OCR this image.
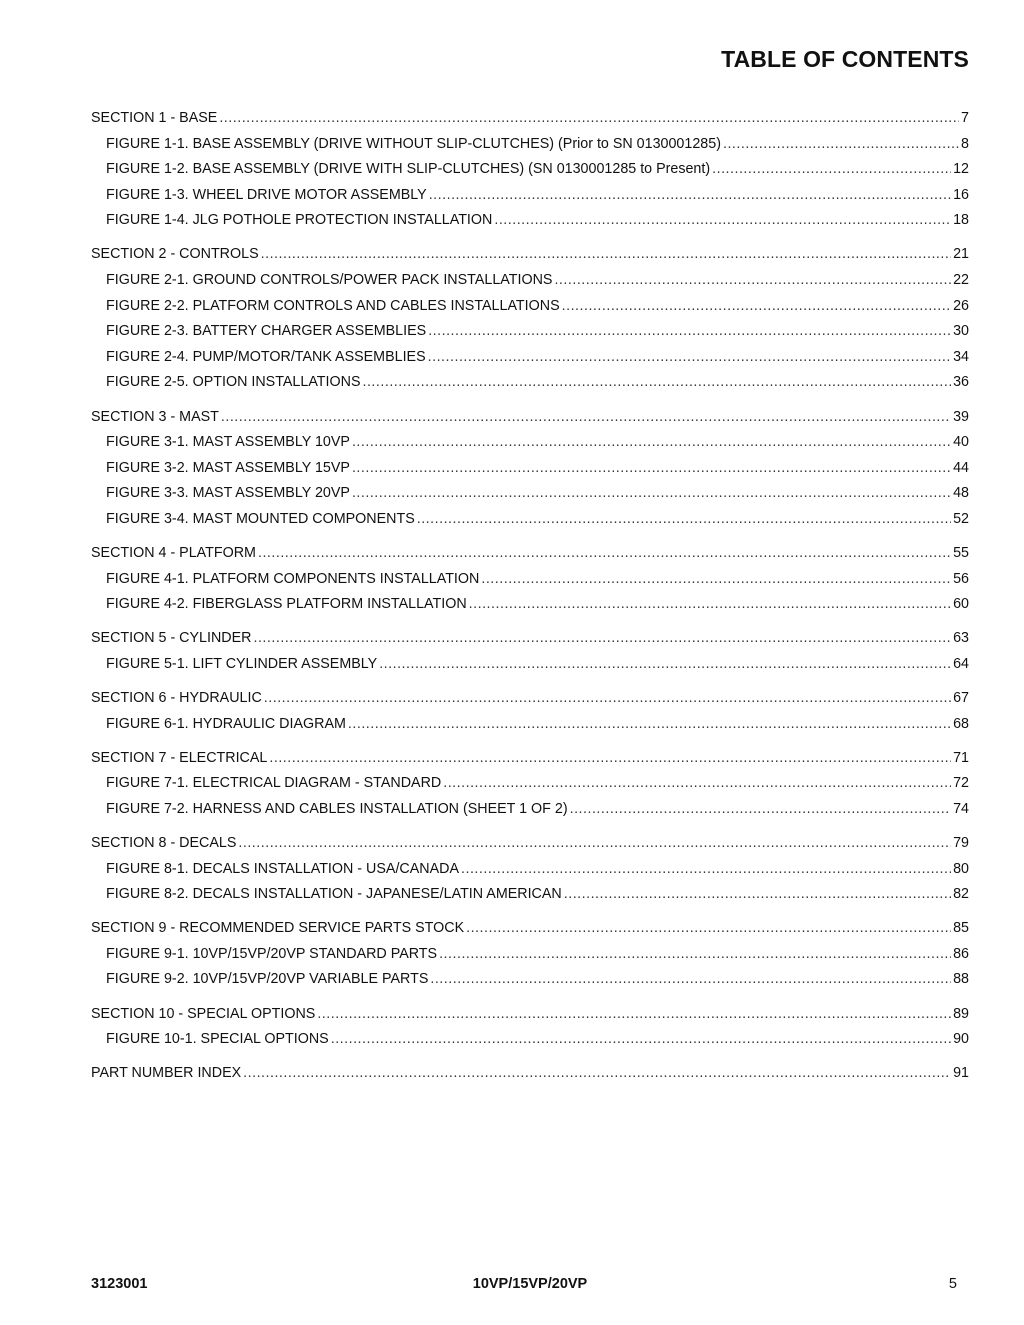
TABLE OF CONTENTS
SECTION 1 - BASE .....	7
FIGURE 1-1. BASE ASSEMBLY (DRIVE WITHOUT SLIP-CLUTCHES) (Prior to SN 0130001285) .....	8
FIGURE 1-2. BASE ASSEMBLY (DRIVE WITH SLIP-CLUTCHES) (SN 0130001285 to Present) .....	12
FIGURE 1-3. WHEEL DRIVE MOTOR ASSEMBLY .....	16
FIGURE 1-4. JLG POTHOLE PROTECTION INSTALLATION .....	18
SECTION 2 - CONTROLS .....	21
FIGURE 2-1. GROUND CONTROLS/POWER PACK INSTALLATIONS .....	22
FIGURE 2-2. PLATFORM CONTROLS AND CABLES INSTALLATIONS .....	26
FIGURE 2-3. BATTERY CHARGER ASSEMBLIES .....	30
FIGURE 2-4. PUMP/MOTOR/TANK ASSEMBLIES .....	34
FIGURE 2-5. OPTION INSTALLATIONS .....	36
SECTION 3 - MAST .....	39
FIGURE 3-1. MAST ASSEMBLY 10VP .....	40
FIGURE 3-2. MAST ASSEMBLY 15VP .....	44
FIGURE 3-3. MAST ASSEMBLY 20VP .....	48
FIGURE 3-4. MAST MOUNTED COMPONENTS .....	52
SECTION 4 - PLATFORM .....	55
FIGURE 4-1. PLATFORM COMPONENTS INSTALLATION .....	56
FIGURE 4-2. FIBERGLASS PLATFORM INSTALLATION .....	60
SECTION 5 - CYLINDER .....	63
FIGURE 5-1. LIFT CYLINDER ASSEMBLY .....	64
SECTION 6 - HYDRAULIC .....	67
FIGURE 6-1. HYDRAULIC DIAGRAM .....	68
SECTION 7 - ELECTRICAL .....	71
FIGURE 7-1. ELECTRICAL DIAGRAM - STANDARD .....	72
FIGURE 7-2. HARNESS AND CABLES INSTALLATION (SHEET 1 OF 2) .....	74
SECTION 8 - DECALS .....	79
FIGURE 8-1. DECALS INSTALLATION - USA/CANADA .....	80
FIGURE 8-2. DECALS INSTALLATION - JAPANESE/LATIN AMERICAN .....	82
SECTION 9 - RECOMMENDED SERVICE PARTS STOCK .....	85
FIGURE 9-1. 10VP/15VP/20VP STANDARD PARTS .....	86
FIGURE 9-2. 10VP/15VP/20VP VARIABLE PARTS .....	88
SECTION 10 - SPECIAL OPTIONS .....	89
FIGURE 10-1. SPECIAL OPTIONS .....	90
PART NUMBER INDEX .....	91
3123001	10VP/15VP/20VP	5
